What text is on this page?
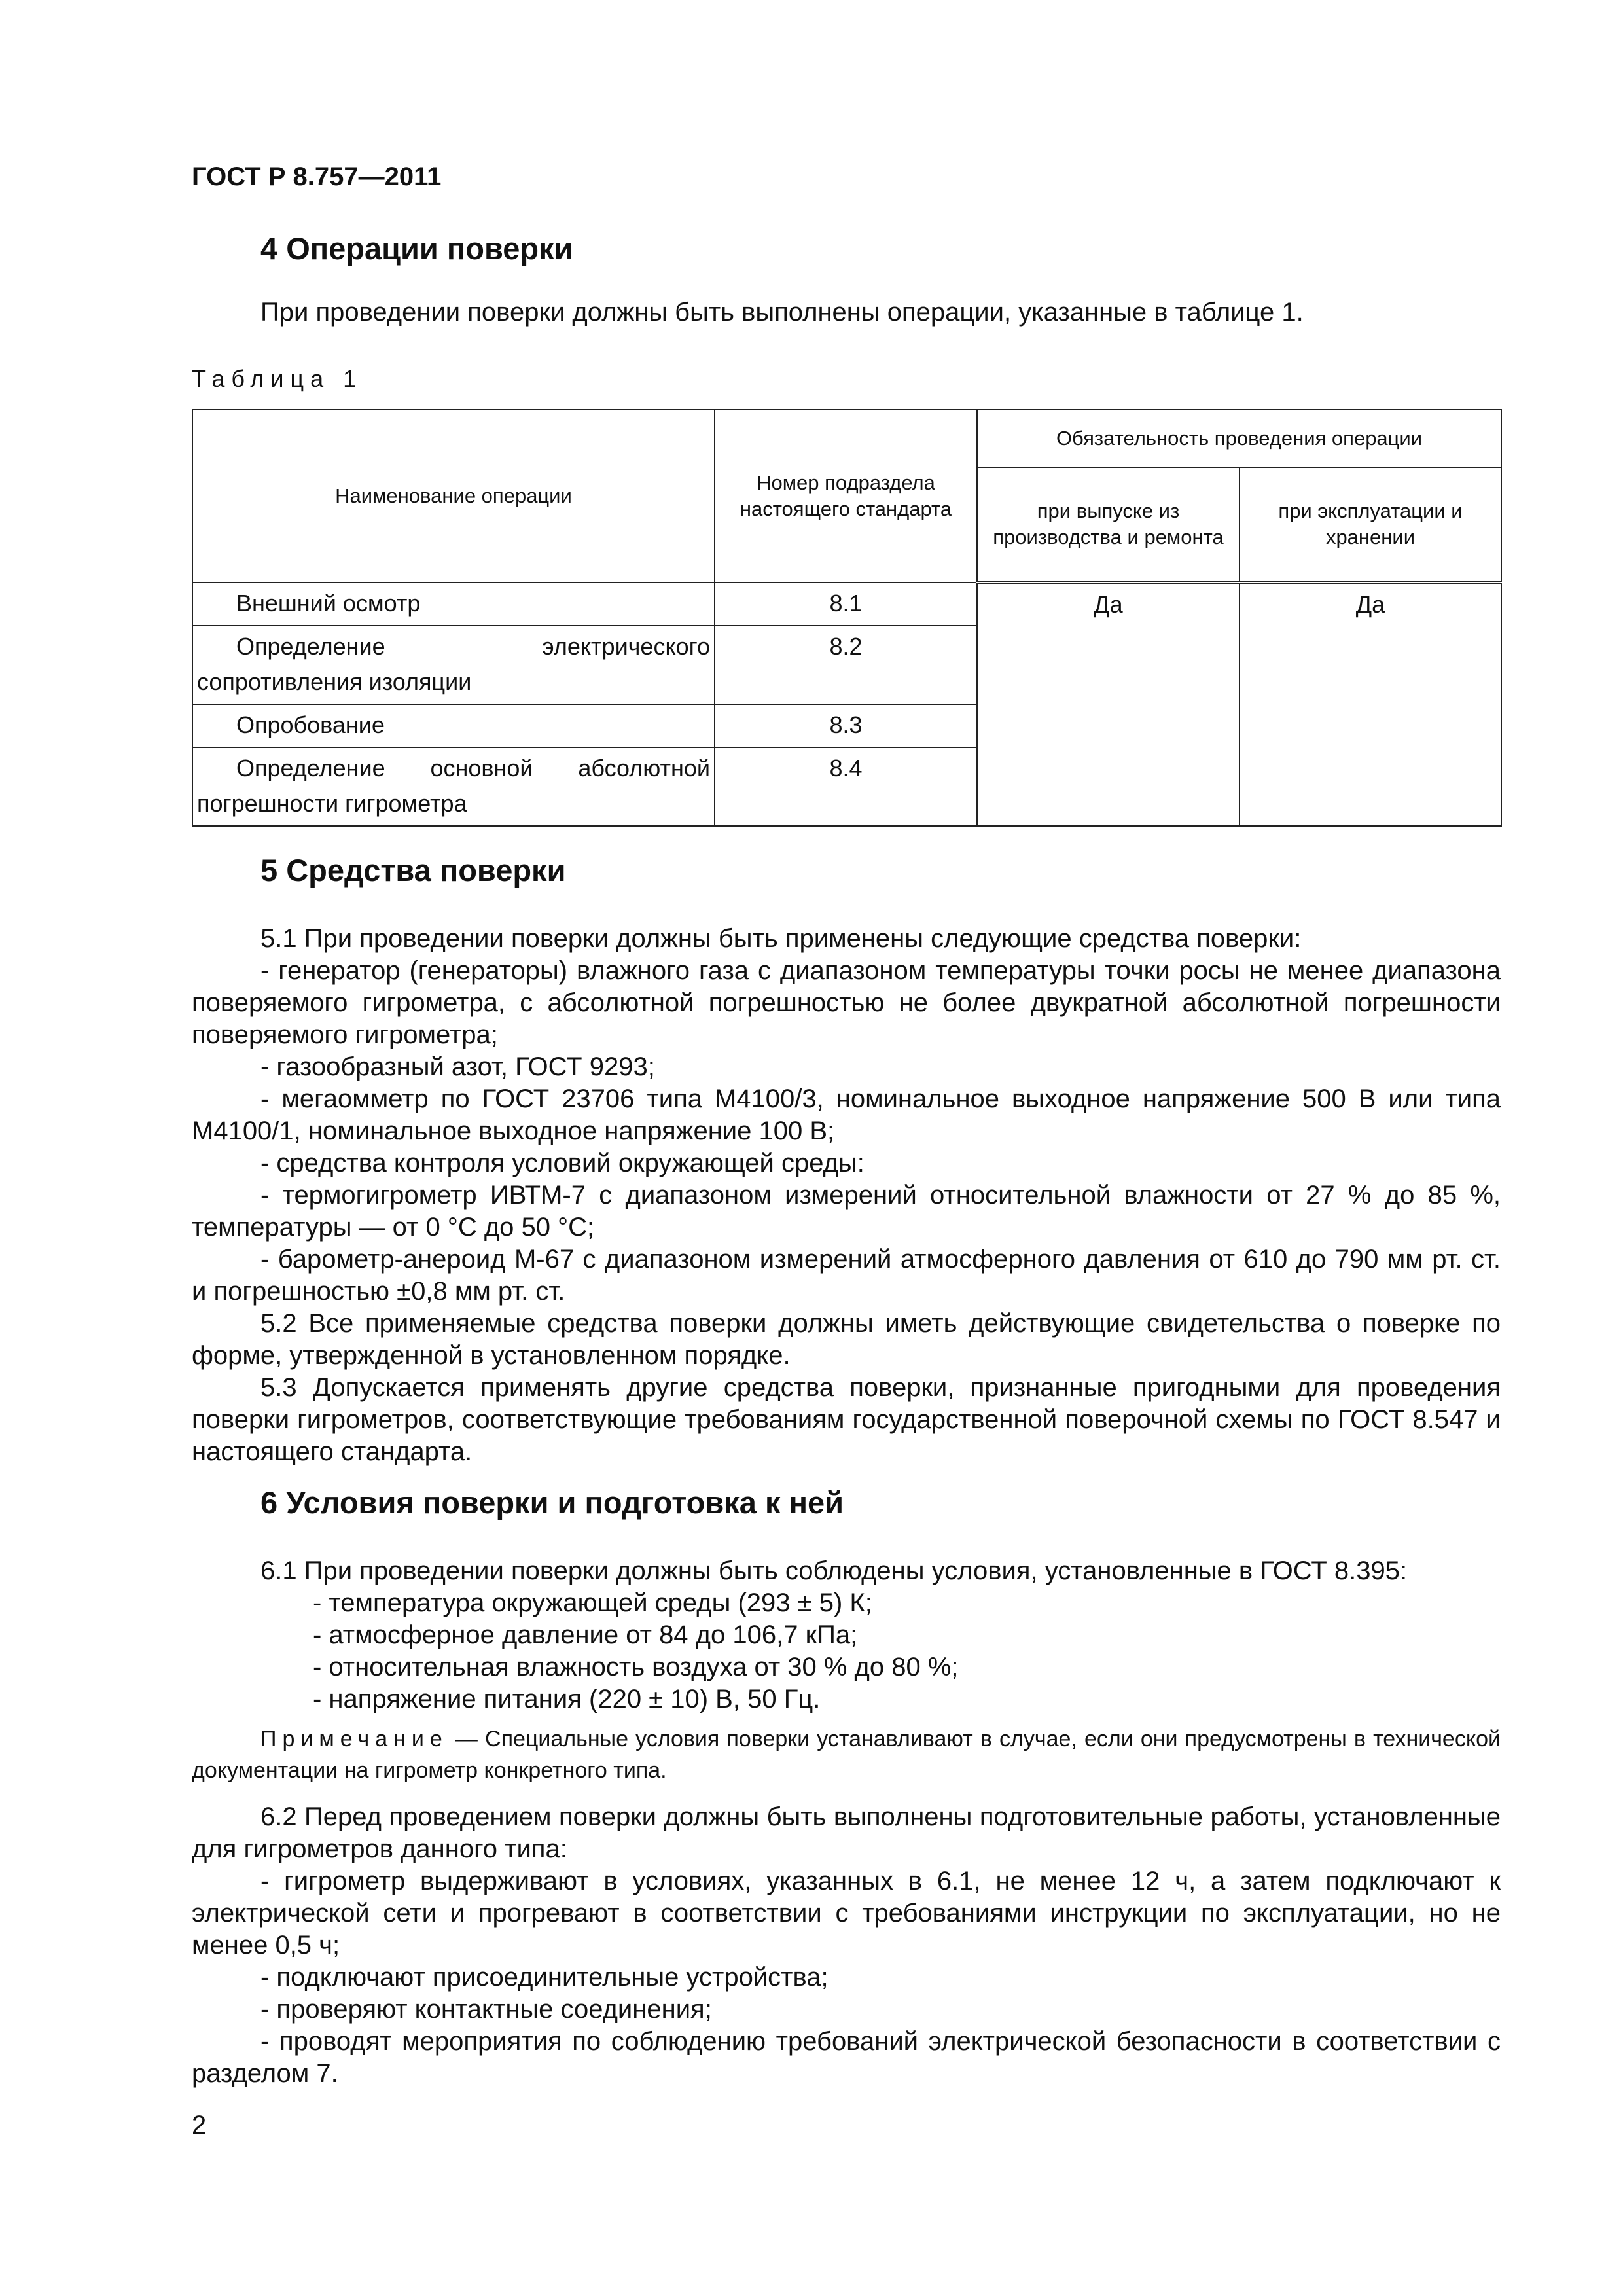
ГОСТ Р 8.757—2011
4 Операции поверки
При проведении поверки должны быть выполнены операции, указанные в таблице 1.
Таблица 1
Наименование операции	Номер подраздела настоящего стандарта	Обязательность проведения операции	
		при выпуске из производства и ремонта	при эксплуатации и хранении

Внешний осмотр	8.1	Да	Да

Определение электрического сопротивления изоляции	8.2		

Опробование	8.3		

Определение основной абсолютной погрешности гигрометра	8.4		
5 Средства поверки
5.1 При проведении поверки должны быть применены следующие средства поверки:
- генератор (генераторы) влажного газа с диапазоном температуры точки росы не менее диапазона поверяемого гигрометра, с абсолютной погрешностью не более двукратной абсолютной погрешности поверяемого гигрометра;
- газообразный азот, ГОСТ 9293;
- мегаомметр по ГОСТ 23706 типа М4100/3, номинальное выходное напряжение 500 В или типа М4100/1, номинальное выходное напряжение 100 В;
- средства контроля условий окружающей среды:
- термогигрометр ИВТМ-7 с диапазоном измерений относительной влажности от 27 % до 85 %, температуры — от 0 °С до 50 °С;
- барометр-анероид М-67 с диапазоном измерений атмосферного давления от 610 до 790 мм рт. ст. и погрешностью ±0,8 мм рт. ст.
5.2 Все применяемые средства поверки должны иметь действующие свидетельства о поверке по форме, утвержденной в установленном порядке.
5.3 Допускается применять другие средства поверки, признанные пригодными для проведения поверки гигрометров, соответствующие требованиям государственной поверочной схемы по ГОСТ 8.547 и настоящего стандарта.
6 Условия поверки и подготовка к ней
6.1 При проведении поверки должны быть соблюдены условия, установленные в ГОСТ 8.395:
- температура окружающей среды (293 ± 5) К;
- атмосферное давление от 84 до 106,7 кПа;
- относительная влажность воздуха от 30 % до 80 %;
- напряжение питания (220 ± 10) В, 50 Гц.
Примечание — Специальные условия поверки устанавливают в случае, если они предусмотрены в технической документации на гигрометр конкретного типа.
6.2 Перед проведением поверки должны быть выполнены подготовительные работы, установленные для гигрометров данного типа:
- гигрометр выдерживают в условиях, указанных в 6.1, не менее 12 ч, а затем подключают к электрической сети и прогревают в соответствии с требованиями инструкции по эксплуатации, но не менее 0,5 ч;
- подключают присоединительные устройства;
- проверяют контактные соединения;
- проводят мероприятия по соблюдению требований электрической безопасности в соответствии с разделом 7.
2
